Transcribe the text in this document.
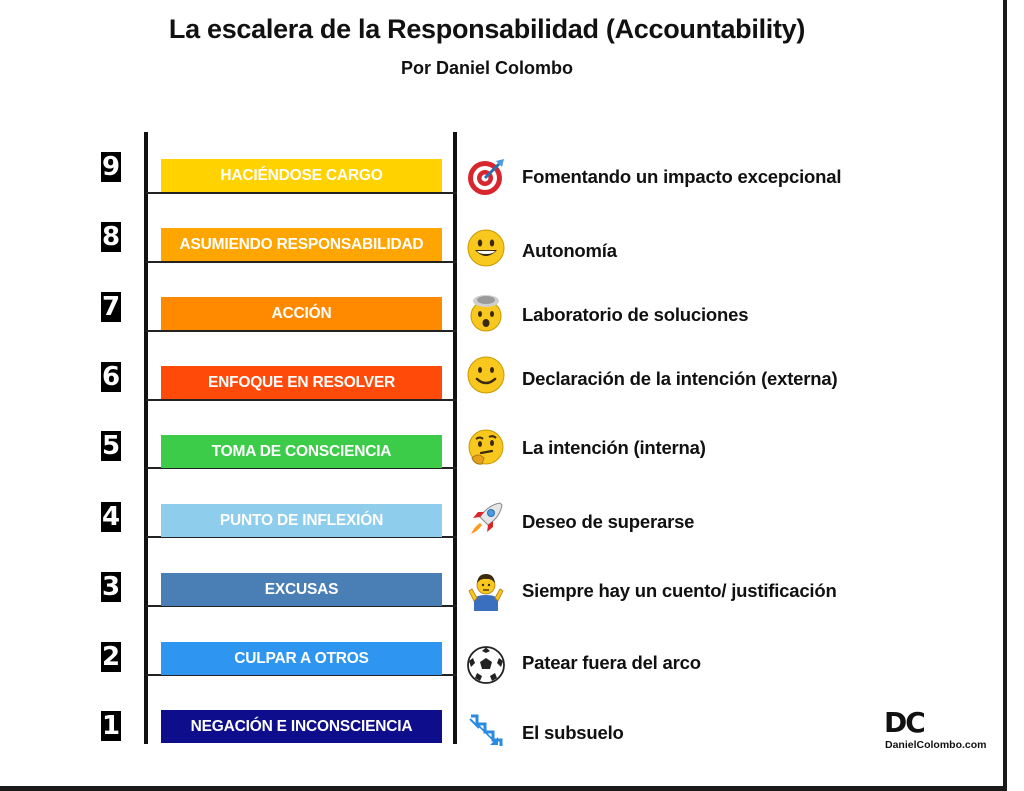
La escalera de la Responsabilidad (Accountability)
Por Daniel Colombo
9	HACIÉNDOSE CARGO	Fomentando un impacto excepcional
8	ASUMIENDO RESPONSABILIDAD	Autonomía
7	ACCIÓN	Laboratorio de soluciones
6	ENFOQUE EN RESOLVER	Declaración de la intención (externa)
5	TOMA DE CONSCIENCIA	La intención (interna)
4	PUNTO DE INFLEXIÓN	Deseo de superarse
3	EXCUSAS	Siempre hay un cuento/ justificación
2	CULPAR A OTROS	Patear fuera del arco
1	NEGACIÓN E INCONSCIENCIA	El subsuelo	DC
DanielColombo.com
